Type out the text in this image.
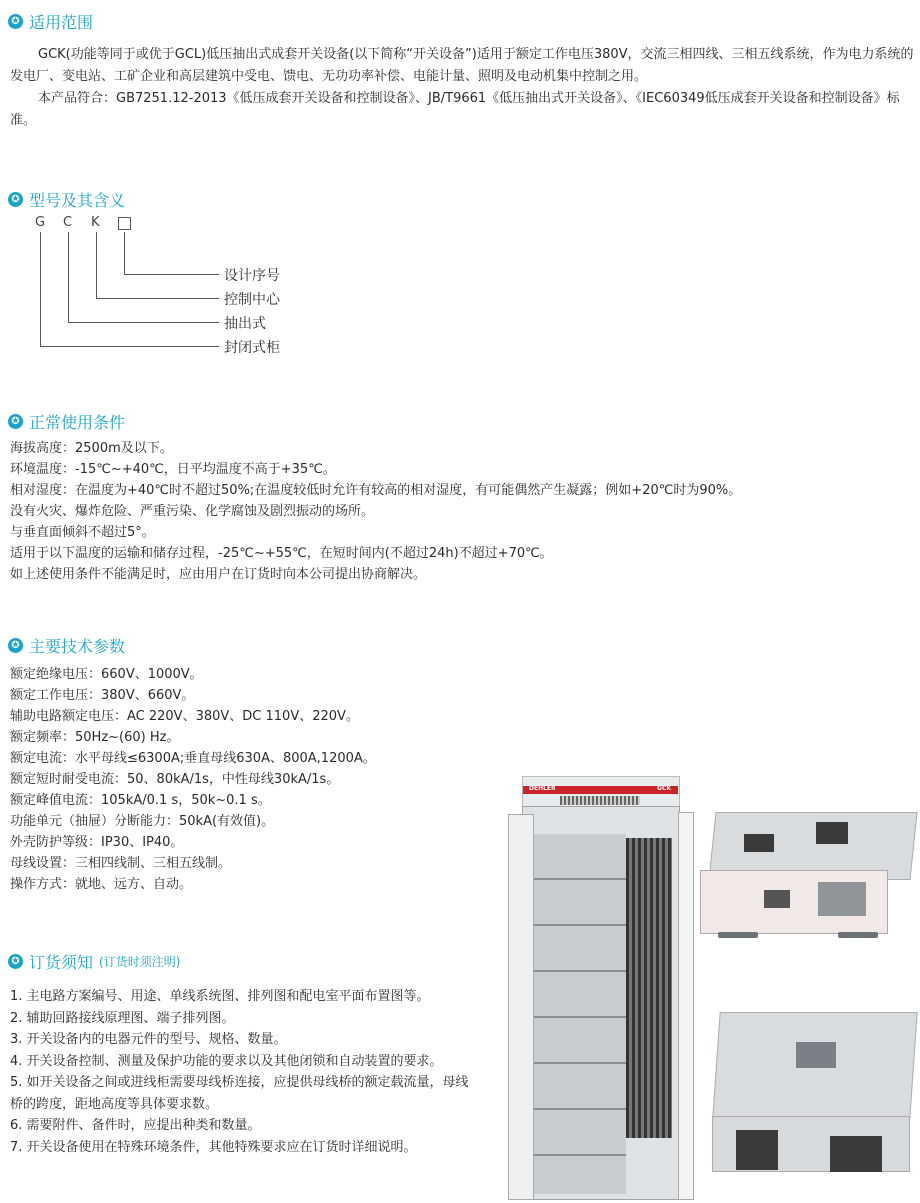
✪ 适用范围

GCK(功能等同于或优于GCL)低压抽出式成套开关设备(以下简称“开关设备”)适用于额定工作电压380V，交流三相四线、三相五线系统，作为电力系统的发电厂、变电站、工矿企业和高层建筑中受电、馈电、无功功率补偿、电能计量、照明及电动机集中控制之用。

本产品符合：GB7251.12-2013《低压成套开关设备和控制设备》、JB/T9661《低压抽出式开关设备》、《IEC60349低压成套开关设备和控制设备》标准。

✪ 型号及其含义
G C K
设计序号
控制中心
抽出式
封闭式柜
✪ 正常使用条件
海拔高度：2500m及以下。
环境温度：-15℃~+40℃，日平均温度不高于+35℃。
相对湿度：在温度为+40℃时不超过50%;在温度较低时允许有较高的相对湿度，有可能偶然产生凝露；例如+20℃时为90%。
没有火灾、爆炸危险、严重污染、化学腐蚀及剧烈振动的场所。
与垂直面倾斜不超过5°。
适用于以下温度的运输和储存过程，-25℃~+55℃，在短时间内(不超过24h)不超过+70℃。
如上述使用条件不能满足时，应由用户在订货时向本公司提出协商解决。
✪ 主要技术参数
额定绝缘电压：660V、1000V。
额定工作电压：380V、660V。
辅助电路额定电压：AC 220V、380V、DC 110V、220V。
额定频率：50Hz~(60) Hz。
额定电流：水平母线≤6300A;垂直母线630A、800A,1200A。
额定短时耐受电流：50、80kA/1s，中性母线30kA/1s。
额定峰值电流：105kA/0.1 s，50k~0.1 s。
功能单元（抽屉）分断能力：50kA(有效值)。
外壳防护等级：IP30、IP40。
母线设置：三相四线制、三相五线制。
操作方式：就地、远方、自动。
✪ 订货须知 (订货时须注明)
1. 主电路方案编号、用途、单线系统图、排列图和配电室平面布置图等。
2. 辅助回路接线原理图、端子排列图。
3. 开关设备内的电器元件的型号、规格、数量。
4. 开关设备控制、测量及保护功能的要求以及其他闭锁和自动装置的要求。
5. 如开关设备之间或进线柜需要母线桥连接，应提供母线桥的额定载流量，母线桥的跨度，距地高度等具体要求数。
6. 需要附件、备件时，应提出种类和数量。
7. 开关设备使用在特殊环境条件，其他特殊要求应在订货时详细说明。
DEHLER	GCK
